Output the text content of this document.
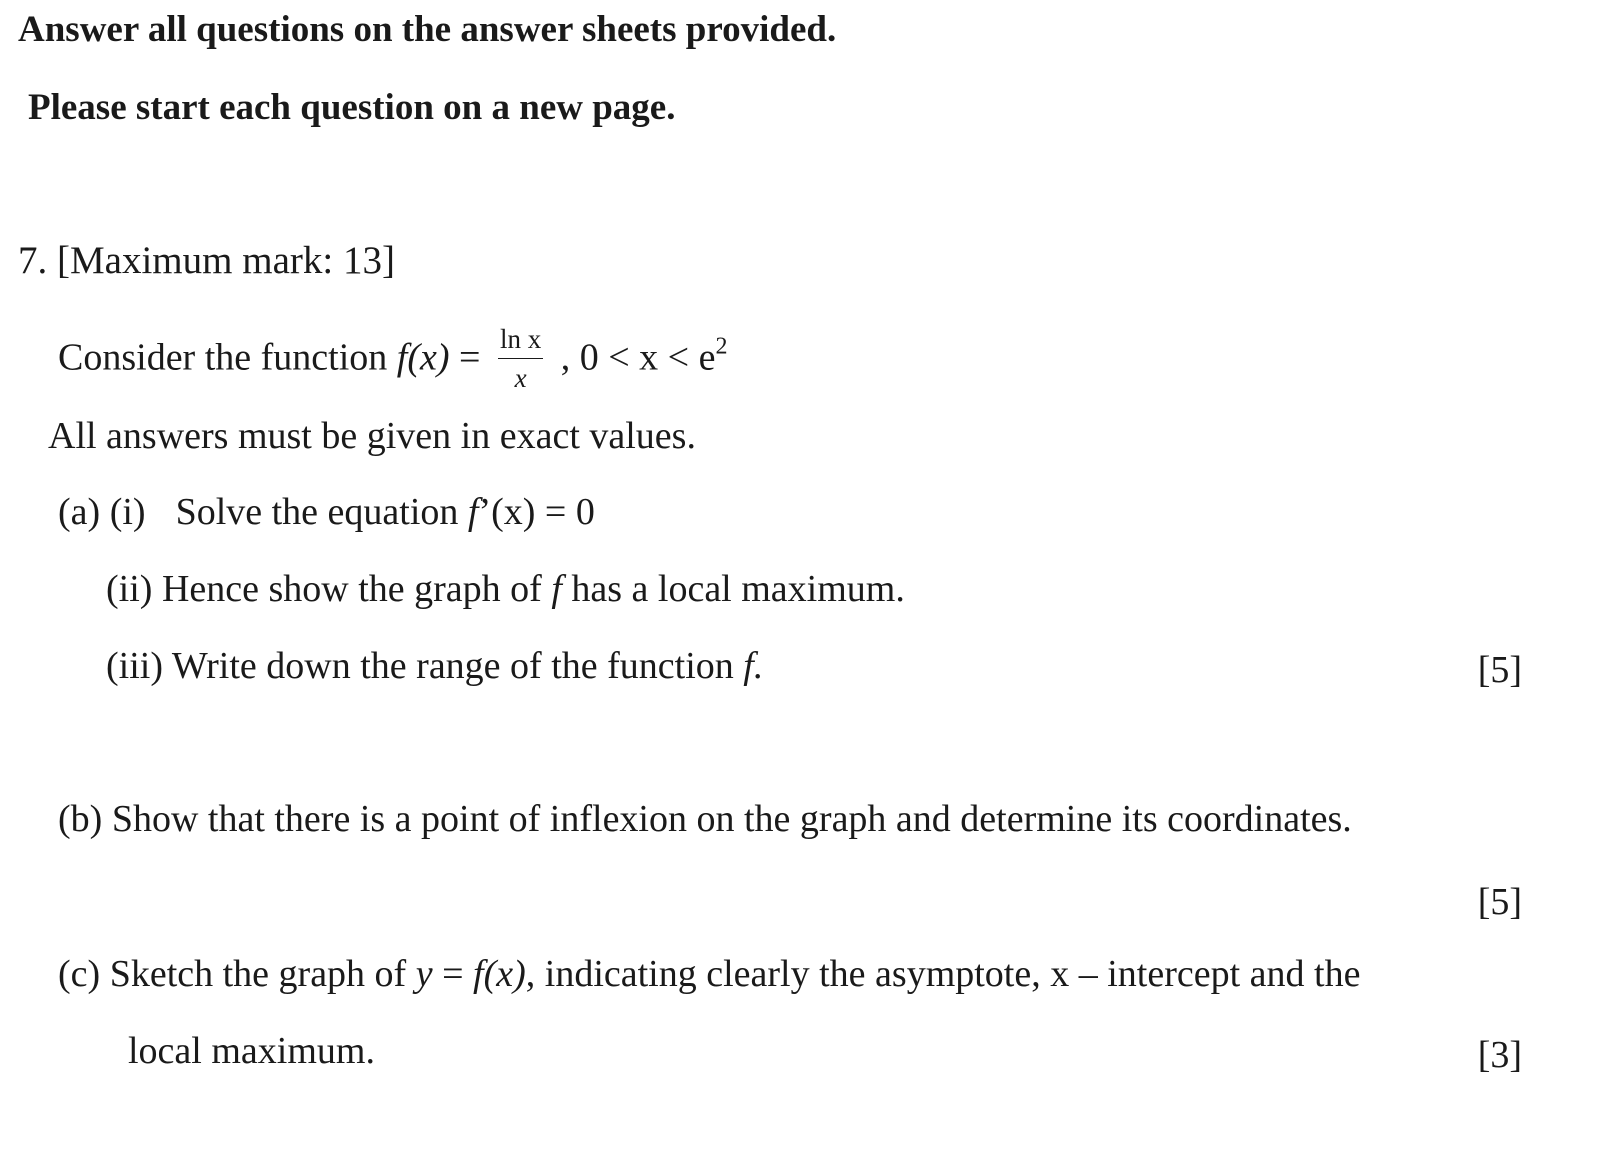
Answer all questions on the answer sheets provided.
Please start each question on a new page.
7. [Maximum mark: 13]
Consider the function $f(x) = \frac{\text{ln x}}{x}$ , $0 < x < e^2$
All answers must be given in exact values.
(a) (i) Solve the equation f’(x) = 0
(ii) Hence show the graph of f has a local maximum.
(iii) Write down the range of the function f.	[5]
(b) Show that there is a point of inflexion on the graph and determine its coordinates.
[5]
(c) Sketch the graph of y = f(x), indicating clearly the asymptote, x – intercept and the
local maximum.	[3]
